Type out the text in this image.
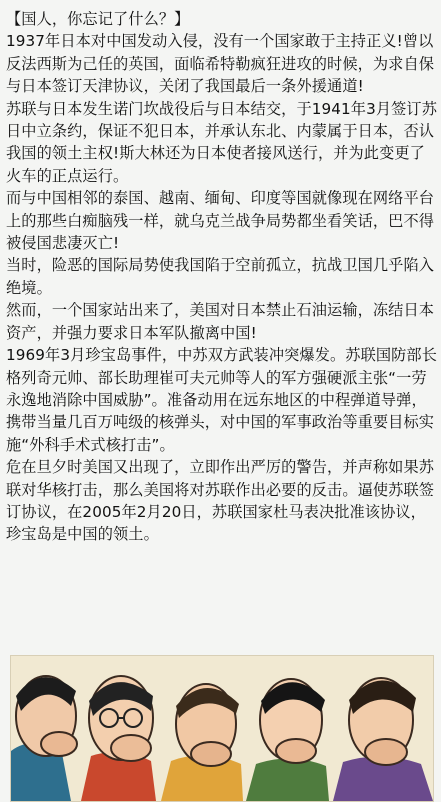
【国人，你忘记了什么？】

1937年日本对中国发动入侵，没有一个国家敢于主持正义!曾以反法西斯为己任的英国，面临希特勒疯狂进攻的时候，为求自保与日本签订天津协议，关闭了我国最后一条外援通道!

苏联与日本发生诺门坎战役后与日本结交，于1941年3月签订苏日中立条约，保证不犯日本，并承认东北、内蒙属于日本，否认我国的领土主权!斯大林还为日本使者接风送行，并为此变更了火车的正点运行。

而与中国相邻的泰国、越南、缅甸、印度等国就像现在网络平台上的那些白痴脑残一样，就乌克兰战争局势都坐看笑话，巴不得被侵国悲凄灭亡!

当时，险恶的国际局势使我国陷于空前孤立，抗战卫国几乎陷入绝境。

然而，一个国家站出来了，美国对日本禁止石油运输，冻结日本资产，并强力要求日本军队撤离中国!

1969年3月珍宝岛事件，中苏双方武装冲突爆发。苏联国防部长格列奇元帅、部长助理崔可夫元帅等人的军方强硬派主张“一劳永逸地消除中国威胁”。准备动用在远东地区的中程弹道导弹，携带当量几百万吨级的核弹头，对中国的军事政治等重要目标实施“外科手术式核打击”。

危在旦夕时美国又出现了，立即作出严厉的警告，并声称如果苏联对华核打击，那么美国将对苏联作出必要的反击。逼使苏联签订协议，在2005年2月20日，苏联国家杜马表决批准该协议，珍宝岛是中国的领土。
